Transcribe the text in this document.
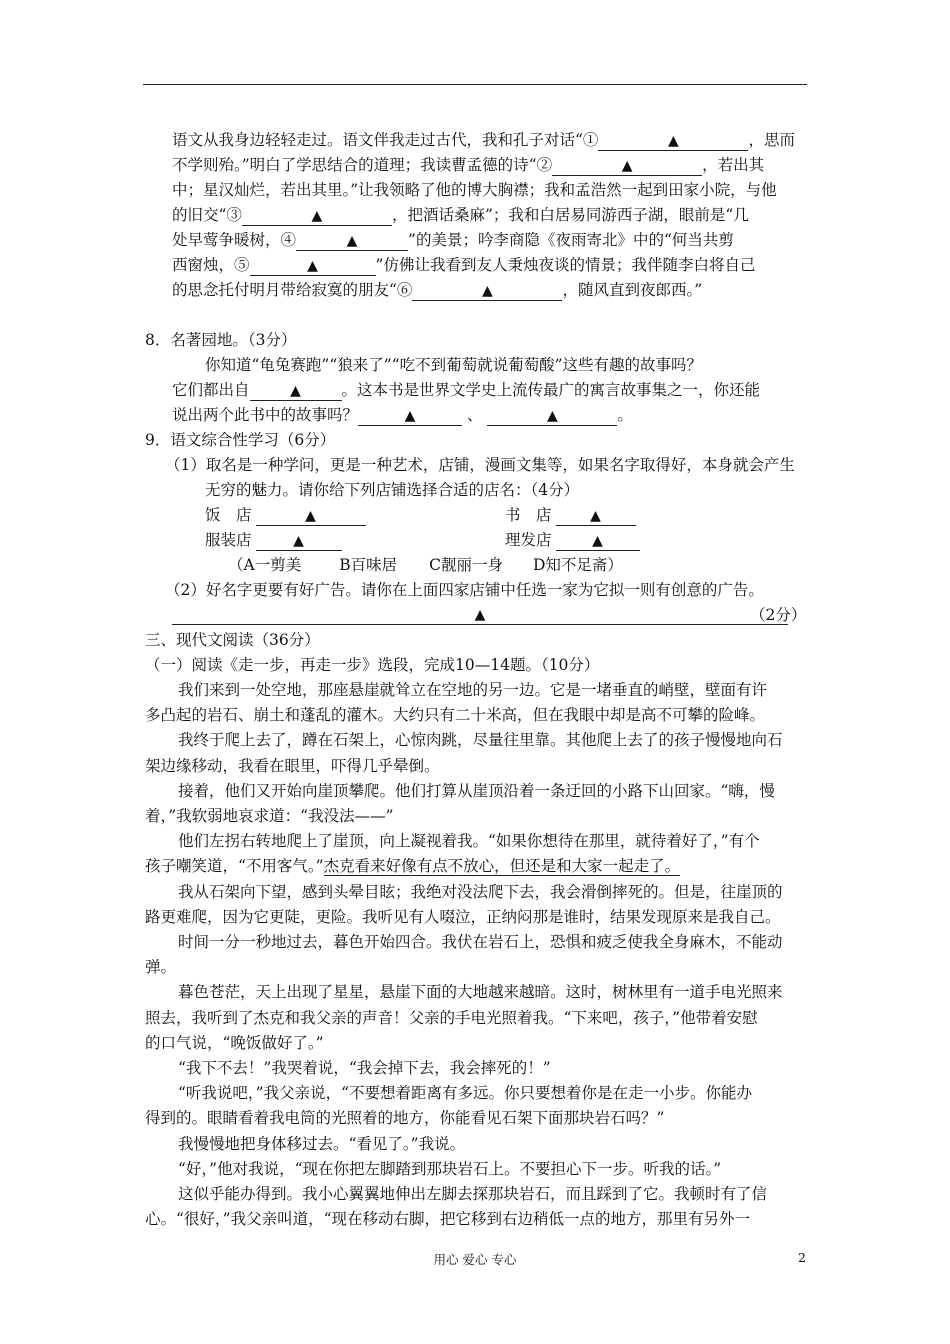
语文从我身边轻轻走过。语文伴我走过古代，我和孔子对话“①	▲	，思而
不学则殆。”明白了学思结合的道理；我读曹孟德的诗“②	▲	，若出其
中；星汉灿烂，若出其里。”让我领略了他的博大胸襟；我和孟浩然一起到田家小院，与他
的旧交“③	▲	，把酒话桑麻”；我和白居易同游西子湖，眼前是“几
处早莺争暖树，④	▲	”的美景；吟李商隐《夜雨寄北》中的“何当共剪
西窗烛，⑤	▲	”仿佛让我看到友人秉烛夜谈的情景；我伴随李白将自己
的思念托付明月带给寂寞的朋友“⑥	▲	，随风直到夜郎西。”
8．名著园地。（3分）
你知道“龟兔赛跑”“狼来了”“吃不到葡萄就说葡萄酸”这些有趣的故事吗？
它们都出自	▲	。这本书是世界文学史上流传最广的寓言故事集之一，你还能
说出两个此书中的故事吗？	▲	、	▲	。
9．语文综合性学习（6分）
（1）取名是一种学问，更是一种艺术，店铺，漫画文集等，如果名字取得好，本身就会产生
无穷的魅力。请你给下列店铺选择合适的店名：（4分）
饭　店	▲	书　店	▲
服装店	▲	理发店	▲
（A一剪美 B百味居 C靓丽一身 D知不足斋）
（2）好名字更要有好广告。请你在上面四家店铺中任选一家为它拟一则有创意的广告。
（2分）
▲
三、现代文阅读（36分）
（一）阅读《走一步，再走一步》选段，完成10—14题。（10分）
我们来到一处空地，那座悬崖就耸立在空地的另一边。它是一堵垂直的峭壁，壁面有许
多凸起的岩石、崩土和蓬乱的灌木。大约只有二十米高，但在我眼中却是高不可攀的险峰。
我终于爬上去了，蹲在石架上，心惊肉跳，尽量往里靠。其他爬上去了的孩子慢慢地向石
架边缘移动，我看在眼里，吓得几乎晕倒。
接着，他们又开始向崖顶攀爬。他们打算从崖顶沿着一条迂回的小路下山回家。“嗨，慢
着，”我软弱地哀求道：“我没法——”
他们左拐右转地爬上了崖顶，向上凝视着我。“如果你想待在那里，就待着好了，”有个
孩子嘲笑道，“不用客气。”杰克看来好像有点不放心，但还是和大家一起走了。
我从石架向下望，感到头晕目眩；我绝对没法爬下去，我会滑倒摔死的。但是，往崖顶的
路更难爬，因为它更陡，更险。我听见有人啜泣，正纳闷那是谁时，结果发现原来是我自己。
时间一分一秒地过去，暮色开始四合。我伏在岩石上，恐惧和疲乏使我全身麻木，不能动
弹。
暮色苍茫，天上出现了星星，悬崖下面的大地越来越暗。这时，树林里有一道手电光照来
照去，我听到了杰克和我父亲的声音！父亲的手电光照着我。“下来吧，孩子，”他带着安慰
的口气说，“晚饭做好了。”
“我下不去！”我哭着说，“我会掉下去，我会摔死的！”
“听我说吧，”我父亲说，“不要想着距离有多远。你只要想着你是在走一小步。你能办
得到的。眼睛看着我电筒的光照着的地方，你能看见石架下面那块岩石吗？”
我慢慢地把身体移过去。“看见了。”我说。
“好，”他对我说，“现在你把左脚踏到那块岩石上。不要担心下一步。听我的话。”
这似乎能办得到。我小心翼翼地伸出左脚去探那块岩石，而且踩到了它。我顿时有了信
心。“很好，”我父亲叫道，“现在移动右脚，把它移到右边稍低一点的地方，那里有另外一
用心 爱心 专心	2
